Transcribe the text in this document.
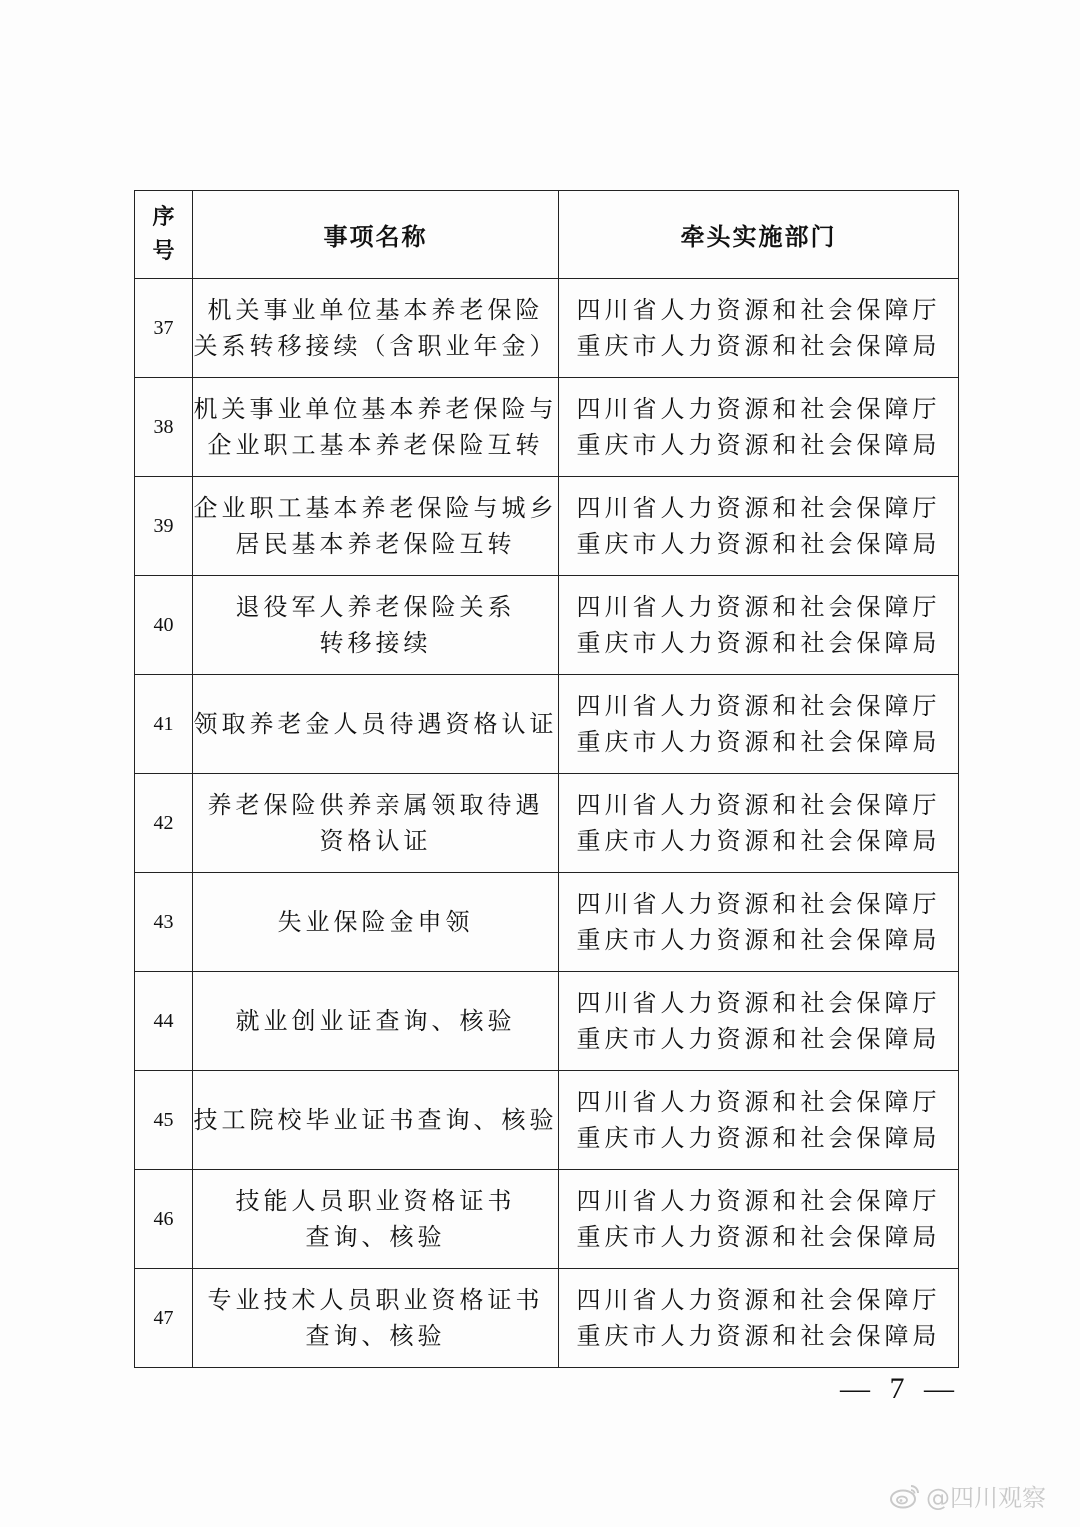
序
号	事项名称	牵头实施部门
37	机关事业单位基本养老保险
关系转移接续（含职业年金）	四川省人力资源和社会保障厅
重庆市人力资源和社会保障局

38	机关事业单位基本养老保险与
企业职工基本养老保险互转	四川省人力资源和社会保障厅
重庆市人力资源和社会保障局

39	企业职工基本养老保险与城乡
居民基本养老保险互转	四川省人力资源和社会保障厅
重庆市人力资源和社会保障局

40	退役军人养老保险关系
转移接续	四川省人力资源和社会保障厅
重庆市人力资源和社会保障局

41	领取养老金人员待遇资格认证	四川省人力资源和社会保障厅
重庆市人力资源和社会保障局

42	养老保险供养亲属领取待遇
资格认证	四川省人力资源和社会保障厅
重庆市人力资源和社会保障局

43	失业保险金申领	四川省人力资源和社会保障厅
重庆市人力资源和社会保障局

44	就业创业证查询、核验	四川省人力资源和社会保障厅
重庆市人力资源和社会保障局

45	技工院校毕业证书查询、核验	四川省人力资源和社会保障厅
重庆市人力资源和社会保障局

46	技能人员职业资格证书
查询、核验	四川省人力资源和社会保障厅
重庆市人力资源和社会保障局

47	专业技术人员职业资格证书
查询、核验	四川省人力资源和社会保障厅
重庆市人力资源和社会保障局
— 7 —
@四川观察
